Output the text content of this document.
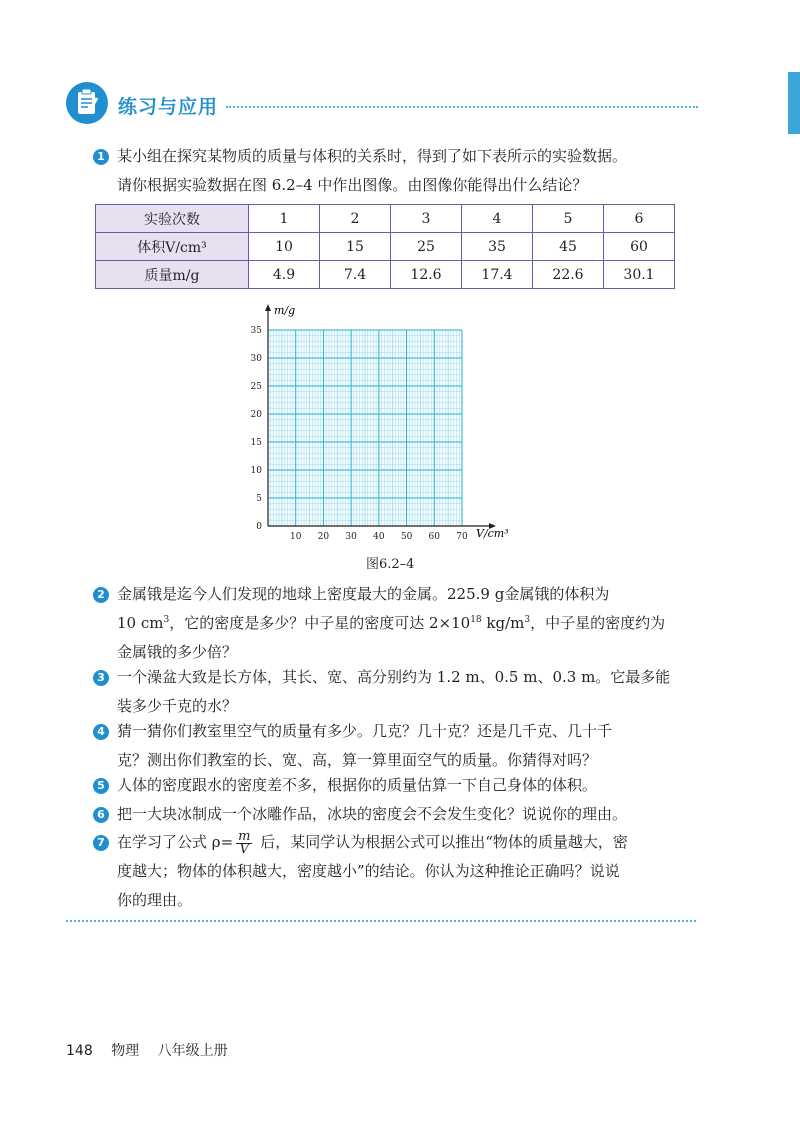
练习与应用
1 某小组在探究某物质的质量与体积的关系时，得到了如下表所示的实验数据。
请你根据实验数据在图 6.2–4 中作出图像。由图像你能得出什么结论？
实验次数	1	2	3	4	5	6
体积V/cm³	10	15	25	35	45	60
质量m/g	4.9	7.4	12.6	17.4	22.6	30.1
10 20 30 40 50 60 70
0
5
10
15
20
25
30
35
m/g
V/cm³
图6.2–4
2 金属锇是迄今人们发现的地球上密度最大的金属。225.9 g金属锇的体积为
10 $cm^3$，它的密度是多少？中子星的密度可达 $2\times 10^{18}$ $kg/m^3$，中子星的密度约为
金属锇的多少倍？
3 一个澡盆大致是长方体，其长、宽、高分别约为 1.2 m、0.5 m、0.3 m。它最多能
装多少千克的水？
4 猜一猜你们教室里空气的质量有多少。几克？几十克？还是几千克、几十千
克？测出你们教室的长、宽、高，算一算里面空气的质量。你猜得对吗？
5 人体的密度跟水的密度差不多，根据你的质量估算一下自己身体的体积。
6 把一大块冰制成一个冰雕作品，冰块的密度会不会发生变化？说说你的理由。
7 在学习了公式 $\rho= \frac{m}{V}$ 后，某同学认为根据公式可以推出“物体的质量越大，密
度越大；物体的体积越大，密度越小”的结论。你认为这种推论正确吗？说说
你的理由。
148 物理 八年级上册
